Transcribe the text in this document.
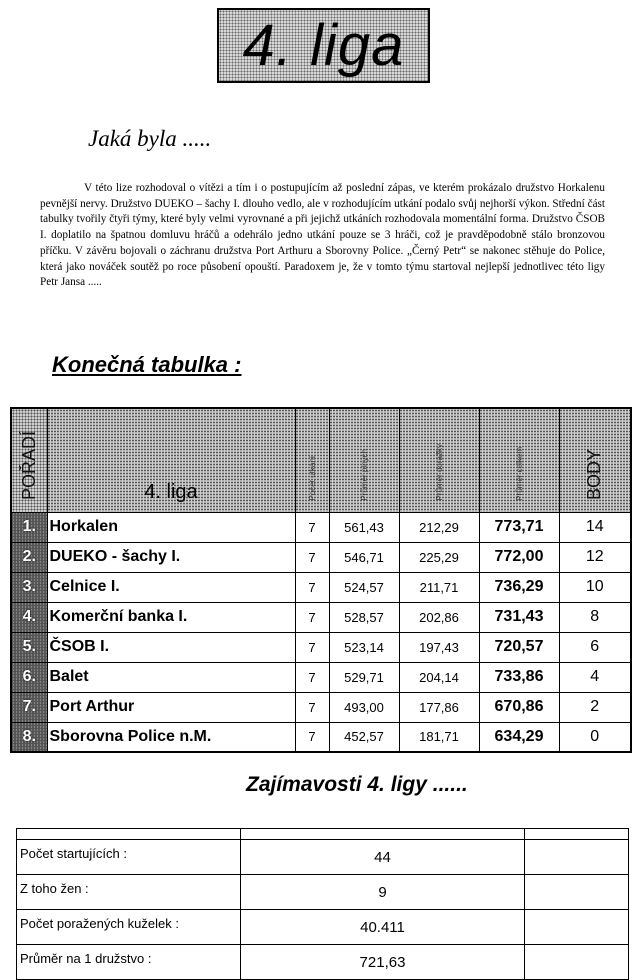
4. liga
Jaká byla .....

V této lize rozhodoval o vítězi a tím i o postupujícím až poslední zápas, ve kterém prokázalo družstvo Horkalenu pevnější nervy. Družstvo DUEKO – šachy I. dlouho vedlo, ale v rozhodujícím utkání podalo svůj nejhorší výkon. Střední část tabulky tvořily čtyři týmy, které byly velmi vyrovnané a při jejichž utkáních rozhodovala momentální forma. Družstvo ČSOB I. doplatilo na špatnou domluvu hráčů a odehrálo jedno utkání pouze se 3 hráči, což je pravděpodobně stálo bronzovou příčku. V závěru bojovali o záchranu družstva Port Arthuru a Sborovny Police. „Černý Petr“ se nakonec stěhuje do Police, která jako nováček soutěž po roce působení opouští. Paradoxem je, že v tomto týmu startoval nejlepší jednotlivec této ligy Petr Jansa .....

Konečná tabulka :
POŘADÍ	4. liga	Počet utkání	Průměr plných	Průměr dorážky	Průměr celkem	BODY
1.	Horkalen	7	561,43	212,29	773,71	14
2.	DUEKO - šachy I.	7	546,71	225,29	772,00	12
3.	Celnice I.	7	524,57	211,71	736,29	10
4.	Komerční banka I.	7	528,57	202,86	731,43	8
5.	ČSOB I.	7	523,14	197,43	720,57	6
6.	Balet	7	529,71	204,14	733,86	4
7.	Port Arthur	7	493,00	177,86	670,86	2
8.	Sborovna Police n.M.	7	452,57	181,71	634,29	0
Zajímavosti 4. ligy ......

Počet startujících :	44	
Z toho žen :	9	
Počet poražených kuželek :	40.411	
Průměr na 1 družstvo :	721,63	
